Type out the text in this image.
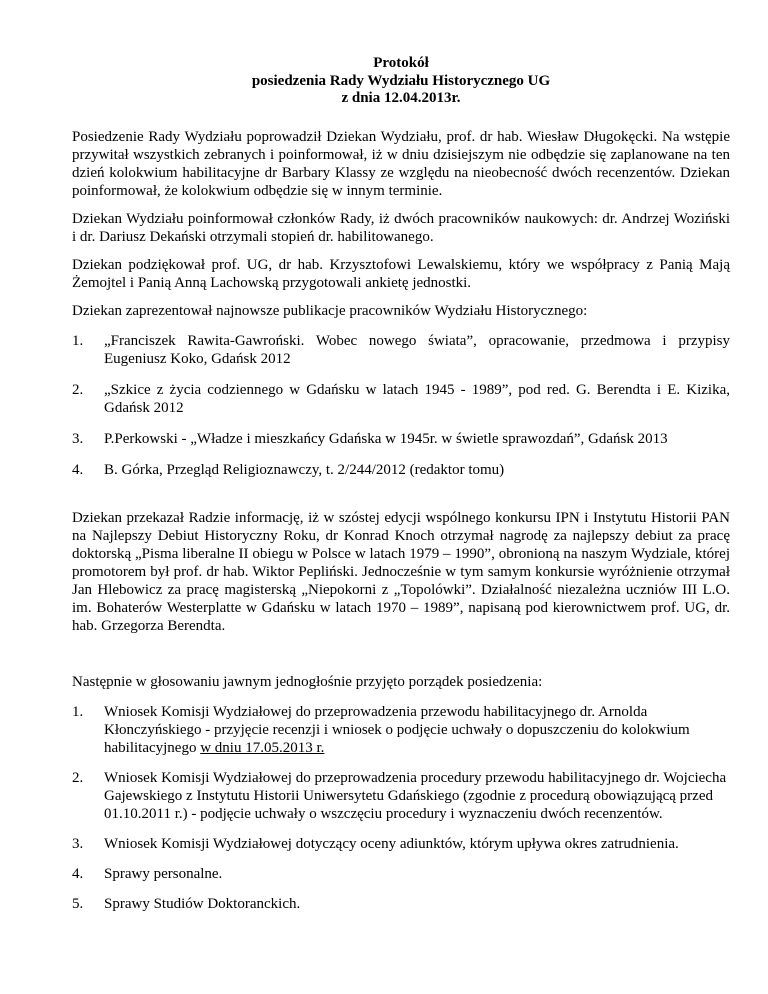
Protokół
posiedzenia Rady Wydziału Historycznego UG
z dnia 12.04.2013r.

Posiedzenie Rady Wydziału poprowadził Dziekan Wydziału, prof. dr hab. Wiesław Długokęcki. Na wstępie przywitał wszystkich zebranych i poinformował, iż w dniu dzisiejszym nie odbędzie się zaplanowane na ten dzień kolokwium habilitacyjne dr Barbary Klassy ze względu na nieobecność dwóch recenzentów. Dziekan poinformował, że kolokwium odbędzie się w innym terminie.

Dziekan Wydziału poinformował członków Rady, iż dwóch pracowników naukowych: dr. Andrzej Woziński i dr. Dariusz Dekański otrzymali stopień dr. habilitowanego.

Dziekan podziękował prof. UG, dr hab. Krzysztofowi Lewalskiemu, który we współpracy z Panią Mają Żemojtel i Panią Anną Lachowską przygotowali ankietę jednostki.

Dziekan zaprezentował najnowsze publikacje pracowników Wydziału Historycznego:

1.	„Franciszek Rawita-Gawroński. Wobec nowego świata”, opracowanie, przedmowa i przypisy Eugeniusz Koko, Gdańsk 2012
2.	„Szkice z życia codziennego w Gdańsku w latach 1945 - 1989”, pod red. G. Berendta i E. Kizika, Gdańsk 2012
3.	P.Perkowski - „Władze i mieszkańcy Gdańska w 1945r. w świetle sprawozdań”, Gdańsk 2013
4.	B. Górka, Przegląd Religioznawczy, t. 2/244/2012 (redaktor tomu)

Dziekan przekazał Radzie informację, iż w szóstej edycji wspólnego konkursu IPN i Instytutu Historii PAN na Najlepszy Debiut Historyczny Roku, dr Konrad Knoch otrzymał nagrodę za najlepszy debiut za pracę doktorską „Pisma liberalne II obiegu w Polsce w latach 1979 – 1990”, obronioną na naszym Wydziale, której promotorem był prof. dr hab. Wiktor Pepliński. Jednocześnie w tym samym konkursie wyróżnienie otrzymał Jan Hlebowicz za pracę magisterską „Niepokorni z „Topolówki”. Działalność niezależna uczniów III L.O. im. Bohaterów Westerplatte w Gdańsku w latach 1970 – 1989”, napisaną pod kierownictwem prof. UG, dr. hab. Grzegorza Berendta.

Następnie w głosowaniu jawnym jednogłośnie przyjęto porządek posiedzenia:

1.	Wniosek Komisji Wydziałowej do przeprowadzenia przewodu habilitacyjnego dr. Arnolda Kłonczyńskiego - przyjęcie recenzji i wniosek o podjęcie uchwały o dopuszczeniu do kolokwium habilitacyjnego w dniu 17.05.2013 r.
2.	Wniosek Komisji Wydziałowej do przeprowadzenia procedury przewodu habilitacyjnego dr. Wojciecha Gajewskiego z Instytutu Historii Uniwersytetu Gdańskiego (zgodnie z procedurą obowiązującą przed 01.10.2011 r.) - podjęcie uchwały o wszczęciu procedury i wyznaczeniu dwóch recenzentów.
3.	Wniosek Komisji Wydziałowej dotyczący oceny adiunktów, którym upływa okres zatrudnienia.
4.	Sprawy personalne.
5.	Sprawy Studiów Doktoranckich.
